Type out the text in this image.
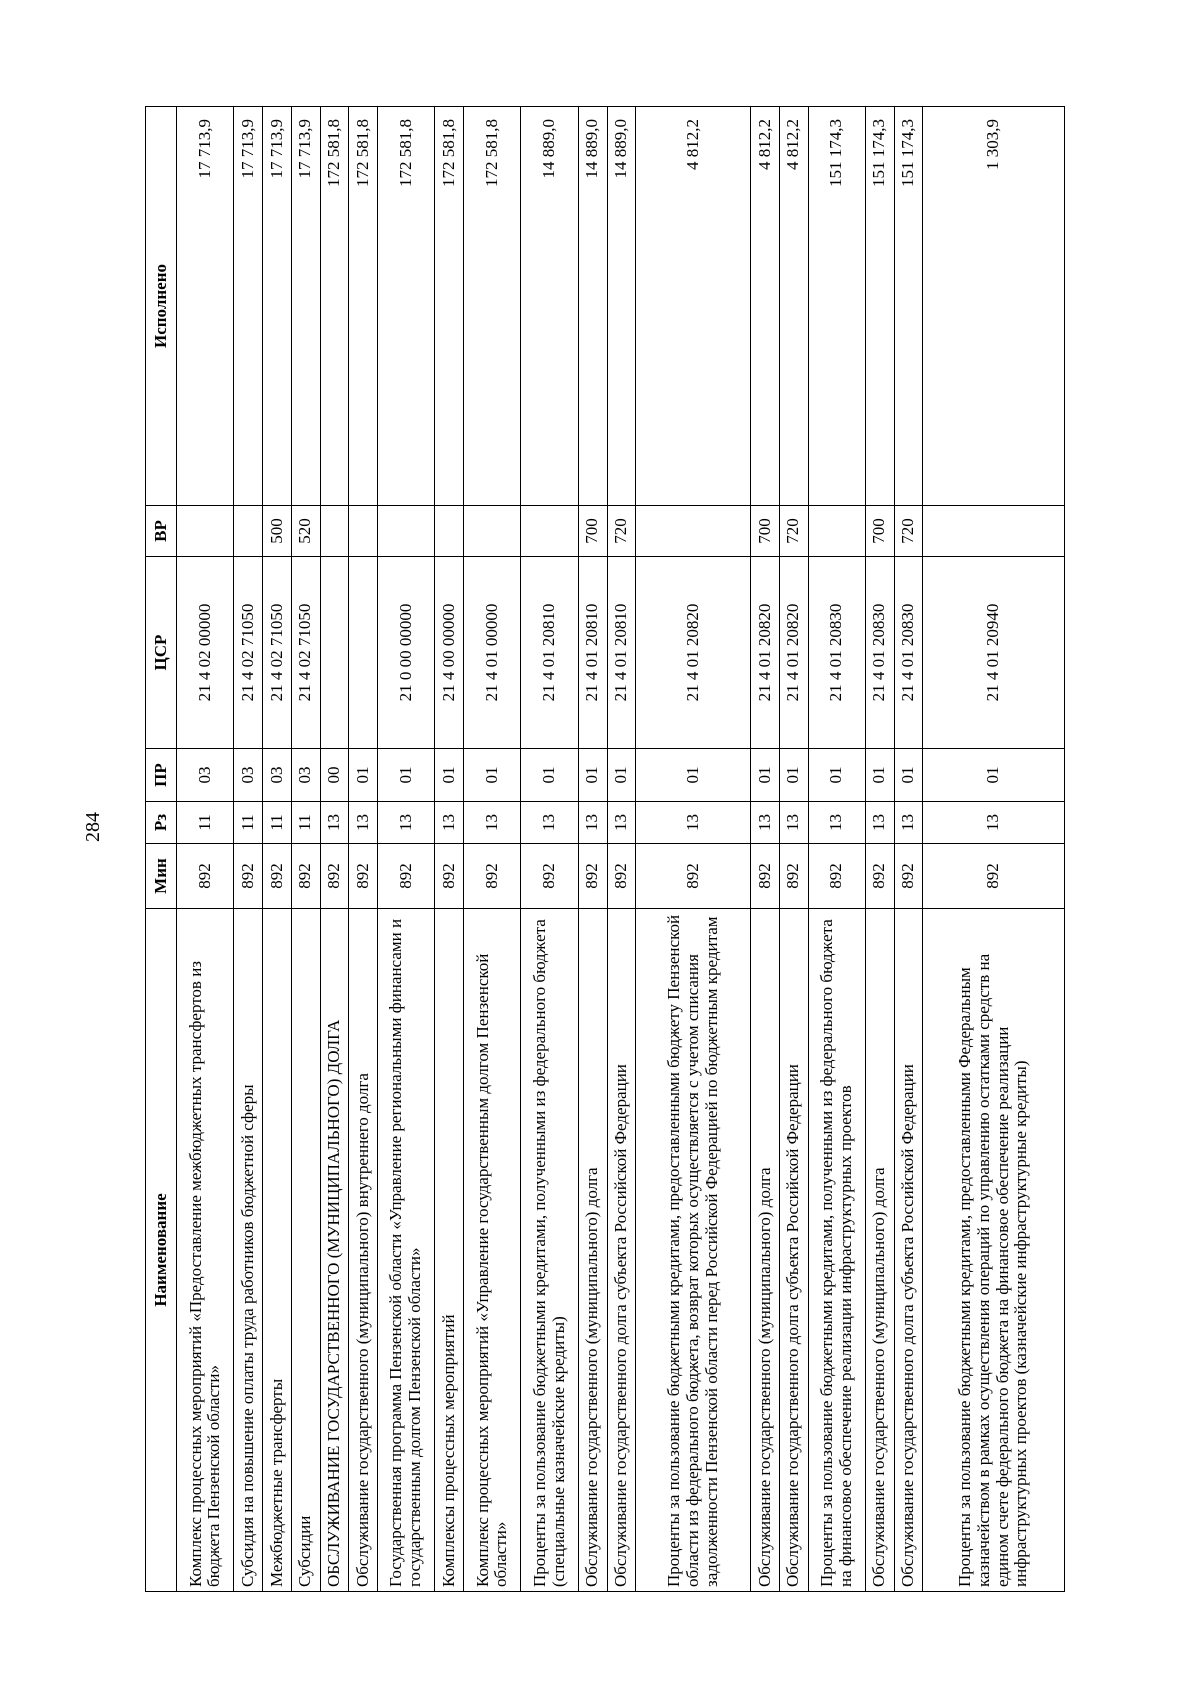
284
Наименование	Мин	Рз	ПР	ЦСР	ВР	Исполнено
Комплекс процессных мероприятий «Предоставление межбюджетных трансфертов из бюджета Пензенской области»	892	11	03	21 4 02 00000		17 713,9
Субсидия на повышение оплаты труда работников бюджетной сферы	892	11	03	21 4 02 71050		17 713,9
Межбюджетные трансферты	892	11	03	21 4 02 71050	500	17 713,9
Субсидии	892	11	03	21 4 02 71050	520	17 713,9
ОБСЛУЖИВАНИЕ ГОСУДАРСТВЕННОГО (МУНИЦИПАЛЬНОГО) ДОЛГА	892	13	00			172 581,8
Обслуживание государственного (муниципального) внутреннего долга	892	13	01			172 581,8
Государственная программа Пензенской области «Управление региональными финансами и государственным долгом Пензенской области»	892	13	01	21 0 00 00000		172 581,8
Комплексы процессных мероприятий	892	13	01	21 4 00 00000		172 581,8
Комплекс процессных мероприятий «Управление государственным долгом Пензенской области»	892	13	01	21 4 01 00000		172 581,8
Проценты за пользование бюджетными кредитами, полученными из федерального бюджета (специальные казначейские кредиты)	892	13	01	21 4 01 20810		14 889,0
Обслуживание государственного (муниципального) долга	892	13	01	21 4 01 20810	700	14 889,0
Обслуживание государственного долга субъекта Российской Федерации	892	13	01	21 4 01 20810	720	14 889,0
Проценты за пользование бюджетными кредитами, предоставленными бюджету Пензенской области из федерального бюджета, возврат которых осуществляется с учетом списания задолженности Пензенской области перед Российской Федерацией по бюджетным кредитам	892	13	01	21 4 01 20820		4 812,2
Обслуживание государственного (муниципального) долга	892	13	01	21 4 01 20820	700	4 812,2
Обслуживание государственного долга субъекта Российской Федерации	892	13	01	21 4 01 20820	720	4 812,2
Проценты за пользование бюджетными кредитами, полученными из федерального бюджета на финансовое обеспечение реализации инфраструктурных проектов	892	13	01	21 4 01 20830		151 174,3
Обслуживание государственного (муниципального) долга	892	13	01	21 4 01 20830	700	151 174,3
Обслуживание государственного долга субъекта Российской Федерации	892	13	01	21 4 01 20830	720	151 174,3
Проценты за пользование бюджетными кредитами, предоставленными Федеральным казначейством в рамках осуществления операций по управлению остатками средств на едином счете федерального бюджета на финансовое обеспечение реализации инфраструктурных проектов (казначейские инфраструктурные кредиты)	892	13	01	21 4 01 20940		1 303,9
